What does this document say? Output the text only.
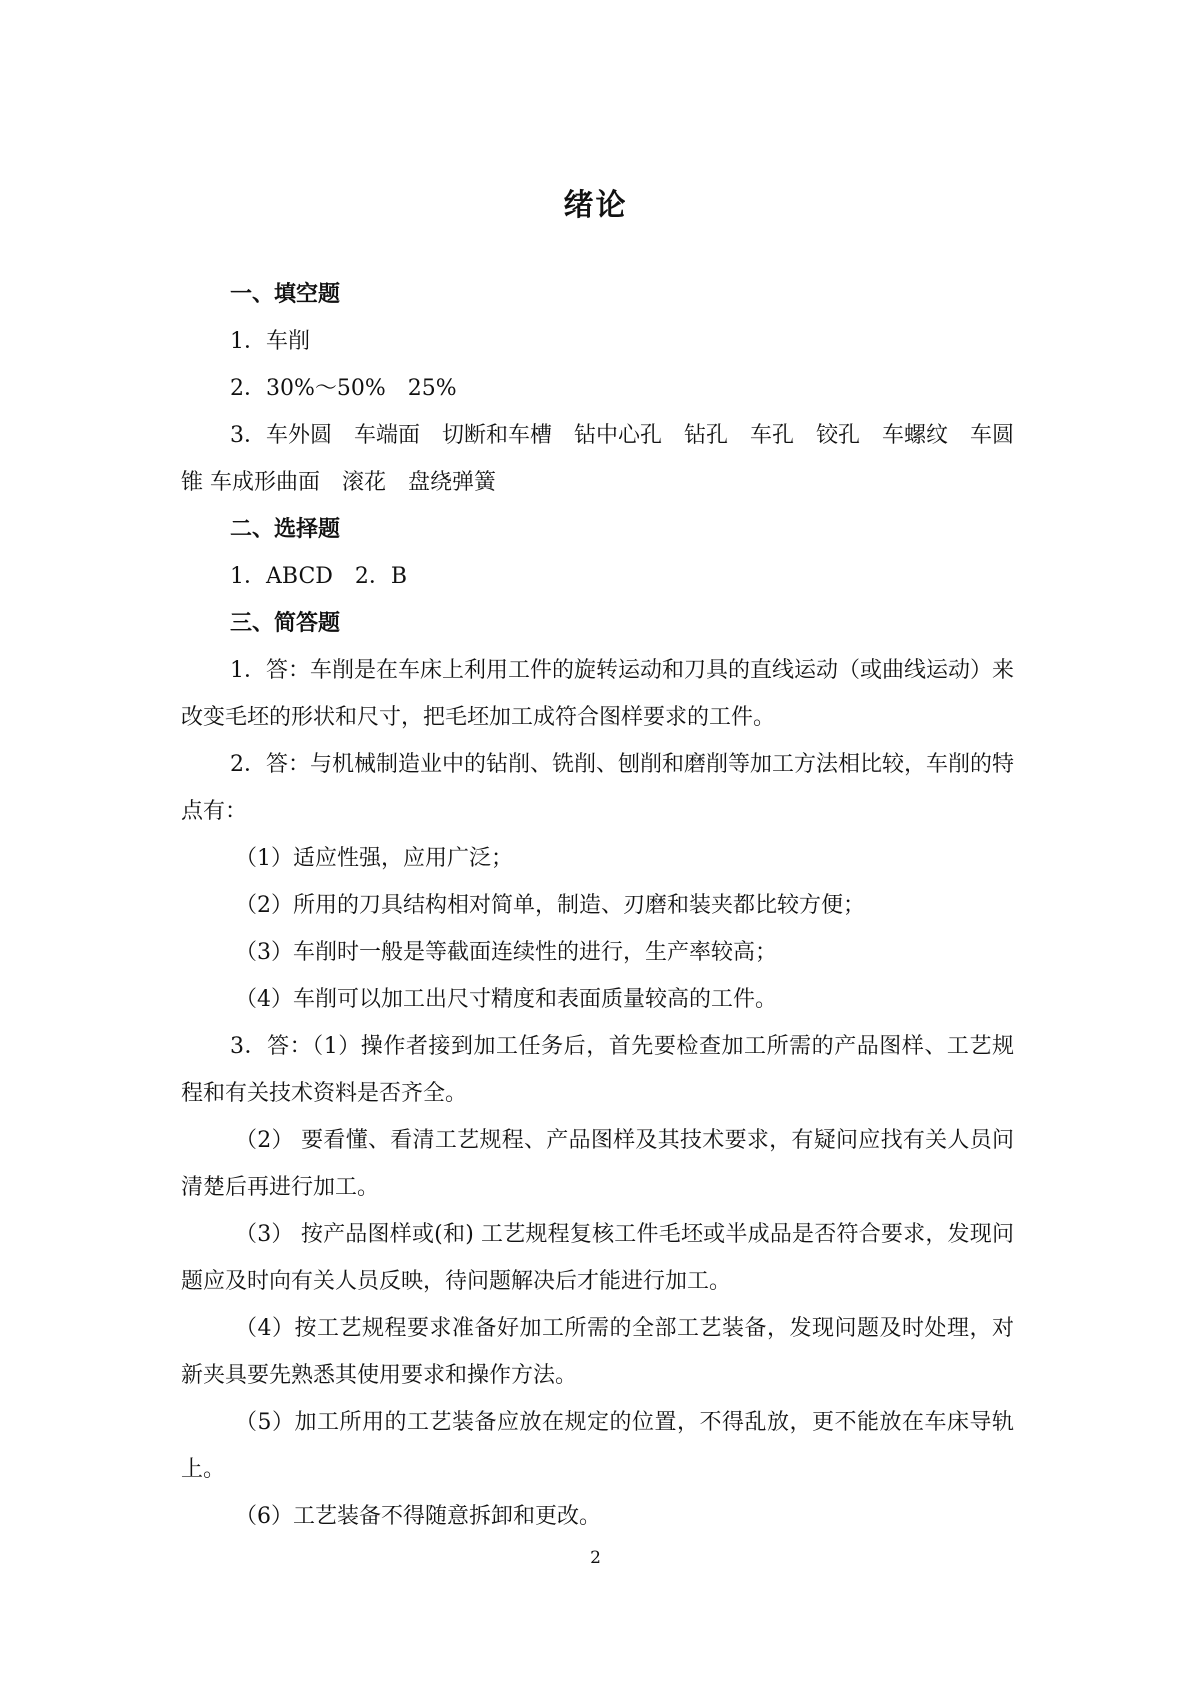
绪论

一、填空题

1．车削

2．30%～50%　25%

3．车外圆　车端面　切断和车槽　钻中心孔　钻孔　车孔　铰孔　车螺纹　车圆锥 车成形曲面　滚花　盘绕弹簧

二、选择题

1．ABCD　2．B

三、简答题

1．答：车削是在车床上利用工件的旋转运动和刀具的直线运动（或曲线运动）来改变毛坯的形状和尺寸，把毛坯加工成符合图样要求的工件。

2．答：与机械制造业中的钻削、铣削、刨削和磨削等加工方法相比较，车削的特点有：

（1）适应性强，应用广泛；

（2）所用的刀具结构相对简单，制造、刃磨和装夹都比较方便；

（3）车削时一般是等截面连续性的进行，生产率较高；

（4）车削可以加工出尺寸精度和表面质量较高的工件。

3．答：（1）操作者接到加工任务后，首先要检查加工所需的产品图样、工艺规程和有关技术资料是否齐全。

（2） 要看懂、看清工艺规程、产品图样及其技术要求，有疑问应找有关人员问清楚后再进行加工。

（3） 按产品图样或(和) 工艺规程复核工件毛坯或半成品是否符合要求，发现问题应及时向有关人员反映，待问题解决后才能进行加工。

（4）按工艺规程要求准备好加工所需的全部工艺装备，发现问题及时处理，对新夹具要先熟悉其使用要求和操作方法。

（5）加工所用的工艺装备应放在规定的位置，不得乱放，更不能放在车床导轨上。

（6）工艺装备不得随意拆卸和更改。

2
